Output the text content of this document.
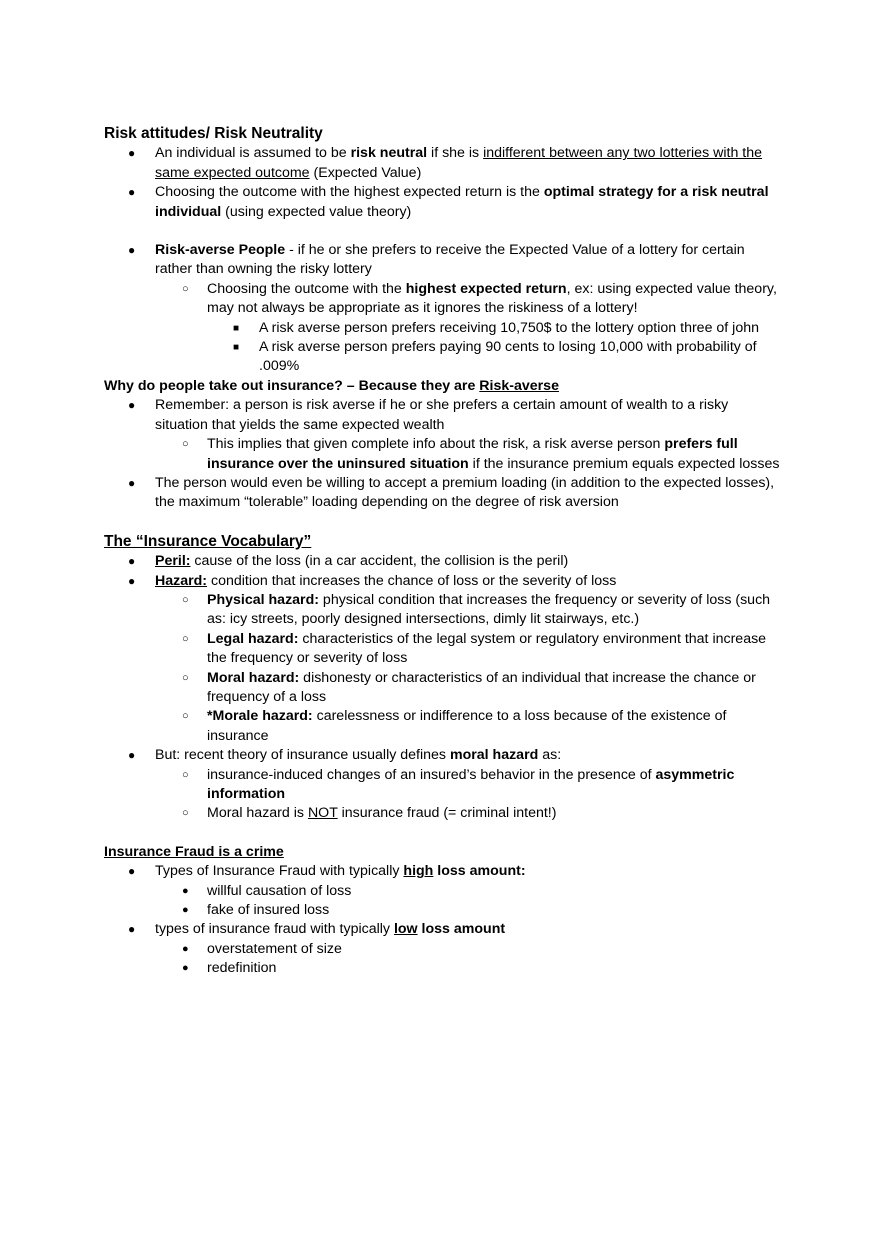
Risk attitudes/ Risk Neutrality
● An individual is assumed to be risk neutral if she is indifferent between any two lotteries with the same expected outcome (Expected Value)
● Choosing the outcome with the highest expected return is the optimal strategy for a risk neutral individual (using expected value theory)
● Risk-averse People - if he or she prefers to receive the Expected Value of a lottery for certain rather than owning the risky lottery
○ Choosing the outcome with the highest expected return, ex: using expected value theory, may not always be appropriate as it ignores the riskiness of a lottery!
■ A risk averse person prefers receiving 10,750$ to the lottery option three of john
■ A risk averse person prefers paying 90 cents to losing 10,000 with probability of .009%
Why do people take out insurance? – Because they are Risk-averse
● Remember: a person is risk averse if he or she prefers a certain amount of wealth to a risky situation that yields the same expected wealth
○ This implies that given complete info about the risk, a risk averse person prefers full insurance over the uninsured situation if the insurance premium equals expected losses
● The person would even be willing to accept a premium loading (in addition to the expected losses), the maximum “tolerable” loading depending on the degree of risk aversion
The “Insurance Vocabulary”
● Peril: cause of the loss (in a car accident, the collision is the peril)
● Hazard: condition that increases the chance of loss or the severity of loss
○ Physical hazard: physical condition that increases the frequency or severity of loss (such as: icy streets, poorly designed intersections, dimly lit stairways, etc.)
○ Legal hazard: characteristics of the legal system or regulatory environment that increase the frequency or severity of loss
○ Moral hazard: dishonesty or characteristics of an individual that increase the chance or frequency of a loss
○ *Morale hazard: carelessness or indifference to a loss because of the existence of insurance
● But: recent theory of insurance usually defines moral hazard as:
○ insurance-induced changes of an insured’s behavior in the presence of asymmetric information
○ Moral hazard is NOT insurance fraud (= criminal intent!)
Insurance Fraud is a crime
● Types of Insurance Fraud with typically high loss amount:
● willful causation of loss
● fake of insured loss
● types of insurance fraud with typically low loss amount
● overstatement of size
● redefinition
